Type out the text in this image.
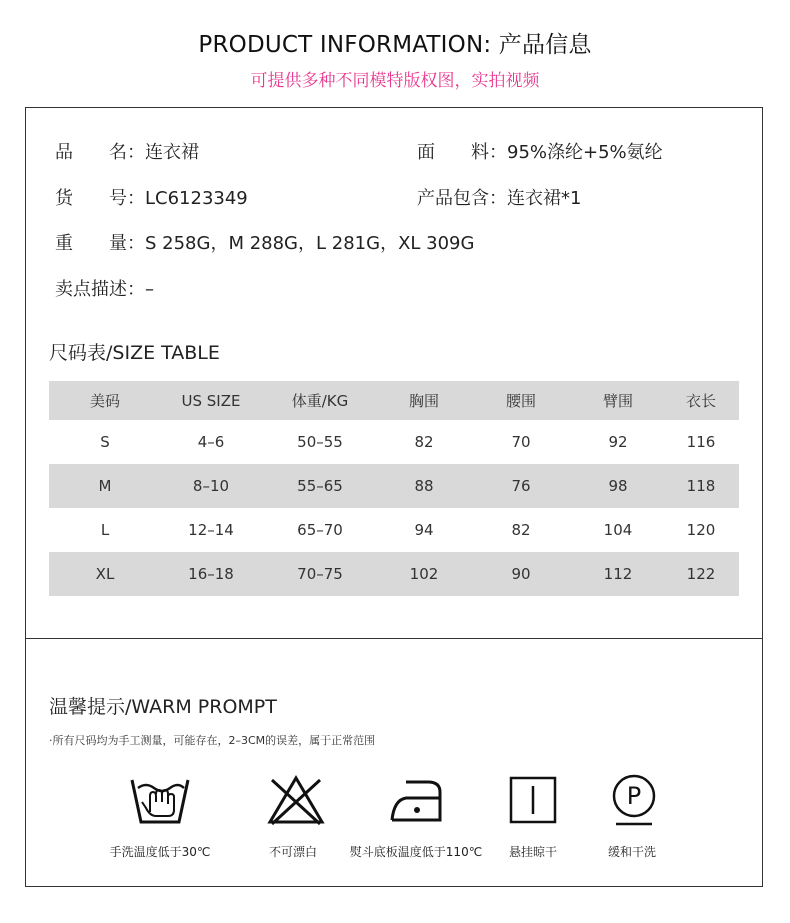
PRODUCT INFORMATION: 产品信息
可提供多种不同模特版权图，实拍视频
品　　名：连衣裙	面　　料：95%涤纶+5%氨纶
货　　号：LC6123349	产品包含：连衣裙*1
重　　量：S 258G，M 288G，L 281G，XL 309G
卖点描述：–
尺码表/SIZE TABLE
美码	US SIZE	体重/KG	胸围	腰围	臂围	衣长
S	4–6	50–55	82	70	92	116
M	8–10	55–65	88	76	98	118
L	12–14	65–70	94	82	104	120
XL	16–18	70–75	102	90	112	122
温馨提示/WARM PROMPT
·所有尺码均为手工测量，可能存在，2–3CM的误差，属于正常范围
P
手洗温度低于30℃	不可漂白	熨斗底板温度低于110℃	悬挂晾干	缓和干洗
